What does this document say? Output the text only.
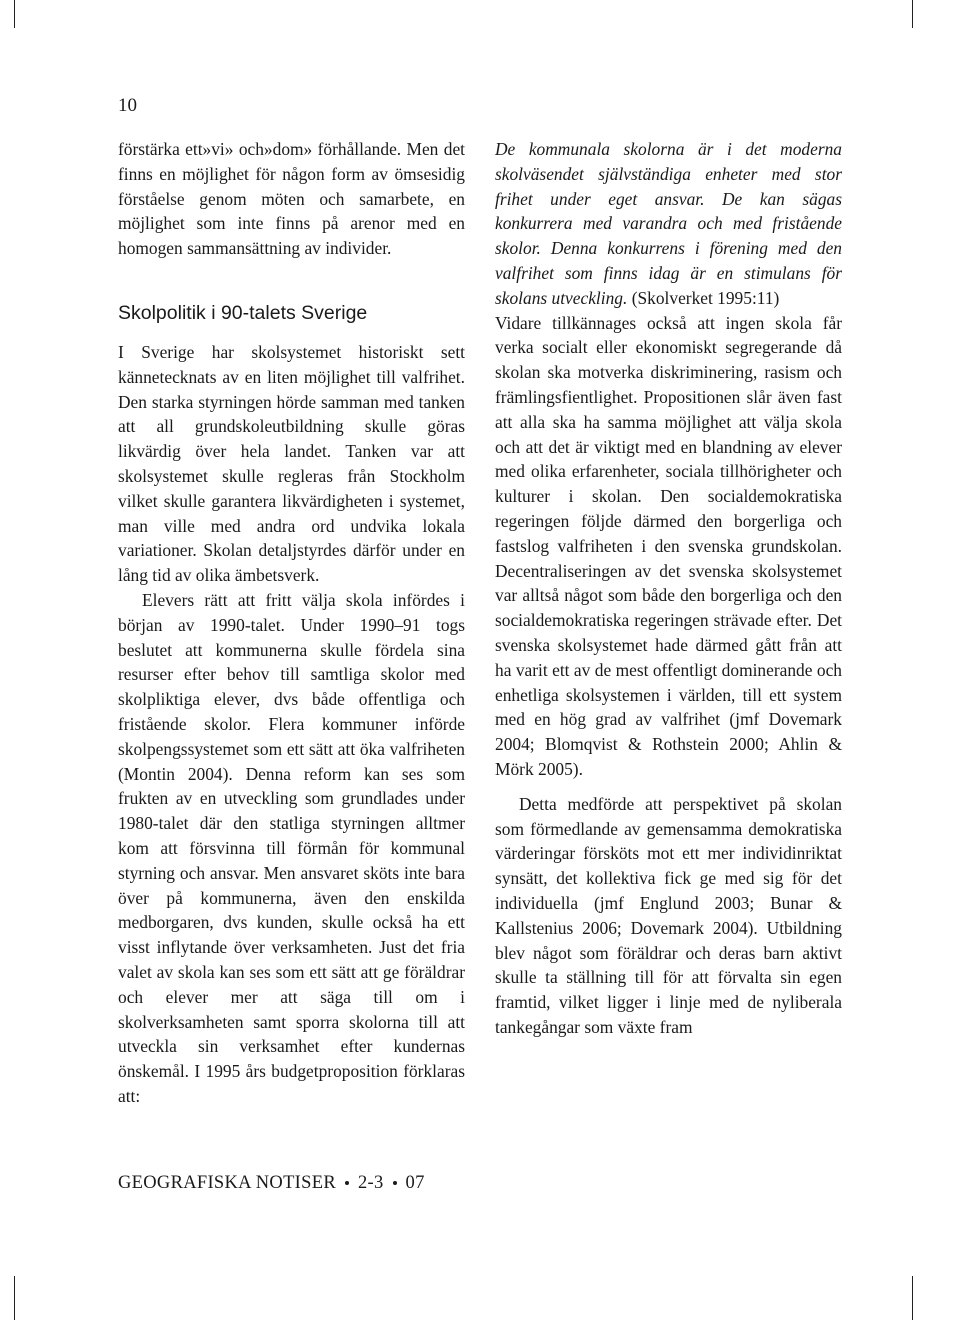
10

förstärka ett»vi» och»dom» förhållande. Men det finns en möjlighet för någon form av ömsesidig förståelse genom möten och samarbete, en möjlighet som inte finns på arenor med en homogen sammansättning av individer.

Skolpolitik i 90-talets Sverige

I Sverige har skolsystemet historiskt sett kännetecknats av en liten möjlighet till valfrihet. Den starka styrningen hörde samman med tanken att all grundskoleutbildning skulle göras likvärdig över hela landet. Tanken var att skolsystemet skulle regleras från Stockholm vilket skulle garantera likvärdigheten i systemet, man ville med andra ord undvika lokala variationer. Skolan detaljstyrdes därför under en lång tid av olika ämbetsverk.

Elevers rätt att fritt välja skola infördes i början av 1990-talet. Under 1990–91 togs beslutet att kommunerna skulle fördela sina resurser efter behov till samtliga skolor med skolpliktiga elever, dvs både offentliga och fristående skolor. Flera kommuner införde skolpengssystemet som ett sätt att öka valfriheten (Montin 2004). Denna reform kan ses som frukten av en utveckling som grundlades under 1980-talet där den statliga styrningen alltmer kom att försvinna till förmån för kommunal styrning och ansvar. Men ansvaret sköts inte bara över på kommunerna, även den enskilda medborgaren, dvs kunden, skulle också ha ett visst inflytande över verksamheten. Just det fria valet av skola kan ses som ett sätt att ge föräldrar och elever mer att säga till om i skolverksamheten samt sporra skolorna till att utveckla sin verksamhet efter kundernas önskemål. I 1995 års budgetproposition förklaras att:

De kommunala skolorna är i det moderna skolväsendet självständiga enheter med stor frihet under eget ansvar. De kan sägas konkurrera med varandra och med fristående skolor. Denna konkurrens i förening med den valfrihet som finns idag är en stimulans för skolans utveckling. (Skolverket 1995:11)

Vidare tillkännages också att ingen skola får verka socialt eller ekonomiskt segregerande då skolan ska motverka diskriminering, rasism och främlingsfientlighet. Propositionen slår även fast att alla ska ha samma möjlighet att välja skola och att det är viktigt med en blandning av elever med olika erfarenheter, sociala tillhörigheter och kulturer i skolan. Den socialdemokratiska regeringen följde därmed den borgerliga och fastslog valfriheten i den svenska grundskolan. Decentraliseringen av det svenska skolsystemet var alltså något som både den borgerliga och den socialdemokratiska regeringen strävade efter. Det svenska skolsystemet hade därmed gått från att ha varit ett av de mest offentligt dominerande och enhetliga skolsystemen i världen, till ett system med en hög grad av valfrihet (jmf Dovemark 2004; Blomqvist & Rothstein 2000; Ahlin & Mörk 2005).

Detta medförde att perspektivet på skolan som förmedlande av gemensamma demokratiska värderingar försköts mot ett mer individinriktat synsätt, det kollektiva fick ge med sig för det individuella (jmf Englund 2003; Bunar & Kallstenius 2006; Dovemark 2004). Utbildning blev något som föräldrar och deras barn aktivt skulle ta ställning till för att förvalta sin egen framtid, vilket ligger i linje med de nyliberala tankegångar som växte fram

GEOGRAFISKA NOTISER 2-3 07
